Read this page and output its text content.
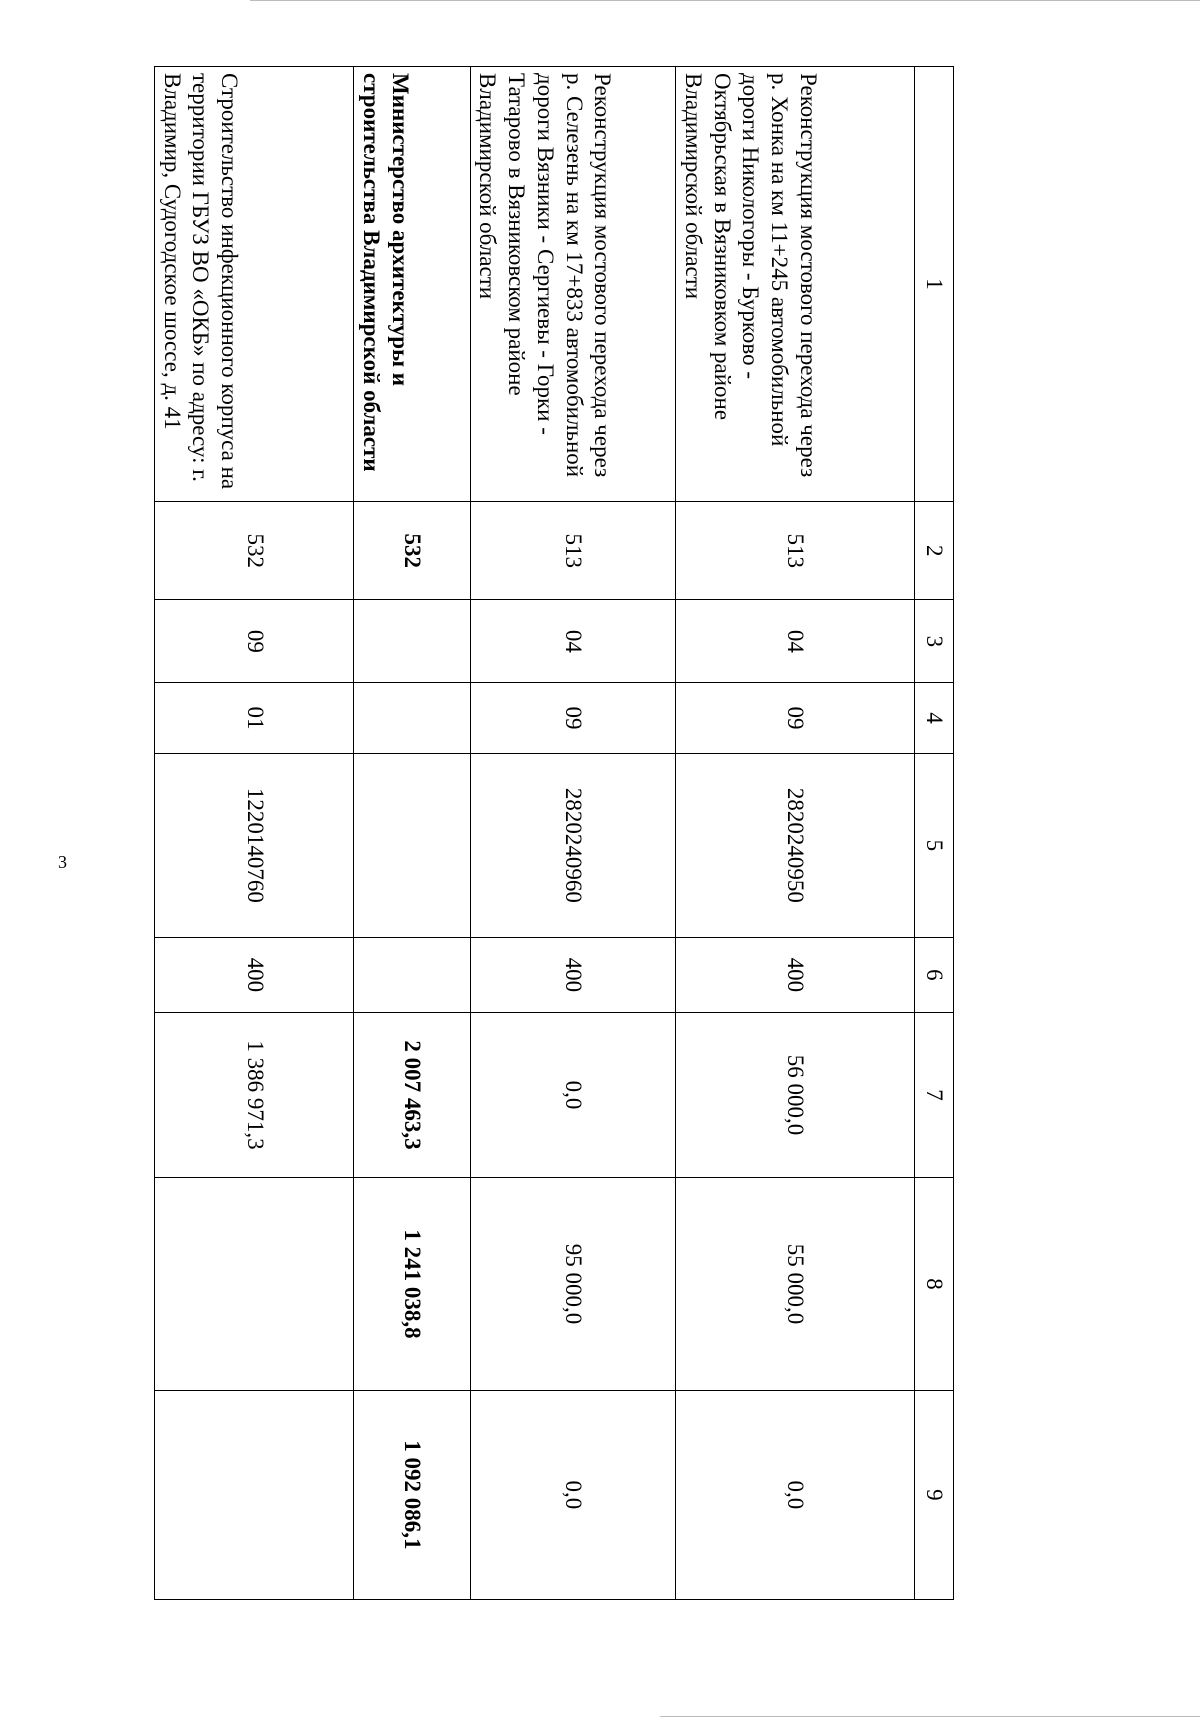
3
1	2	3	4	5	6	7	8	9
Реконструкция мостового перехода через р. Хонка на км 11+245 автомобильной дороги Никологоры - Бурково - Октябрьская в Вязниковком районе Владимирской области	513	04	09	2820240950	400	56 000,0	55 000,0	0,0
Реконструкция мостового перехода через р. Селезень на км 17+833 автомобильной дороги Вязники - Сергиевы - Горки - Татарово в Вязниковском районе Владимирской области	513	04	09	2820240960	400	0,0	95 000,0	0,0
Министерство архитектуры и строительства Владимирской области	532					2 007 463,3	1 241 038,8	1 092 086,1
Строительство инфекционного корпуса на территории ГБУЗ ВО «ОКБ» по адресу: г. Владимир, Судогодское шоссе, д. 41	532	09	01	1220140760	400	1 386 971,3		
